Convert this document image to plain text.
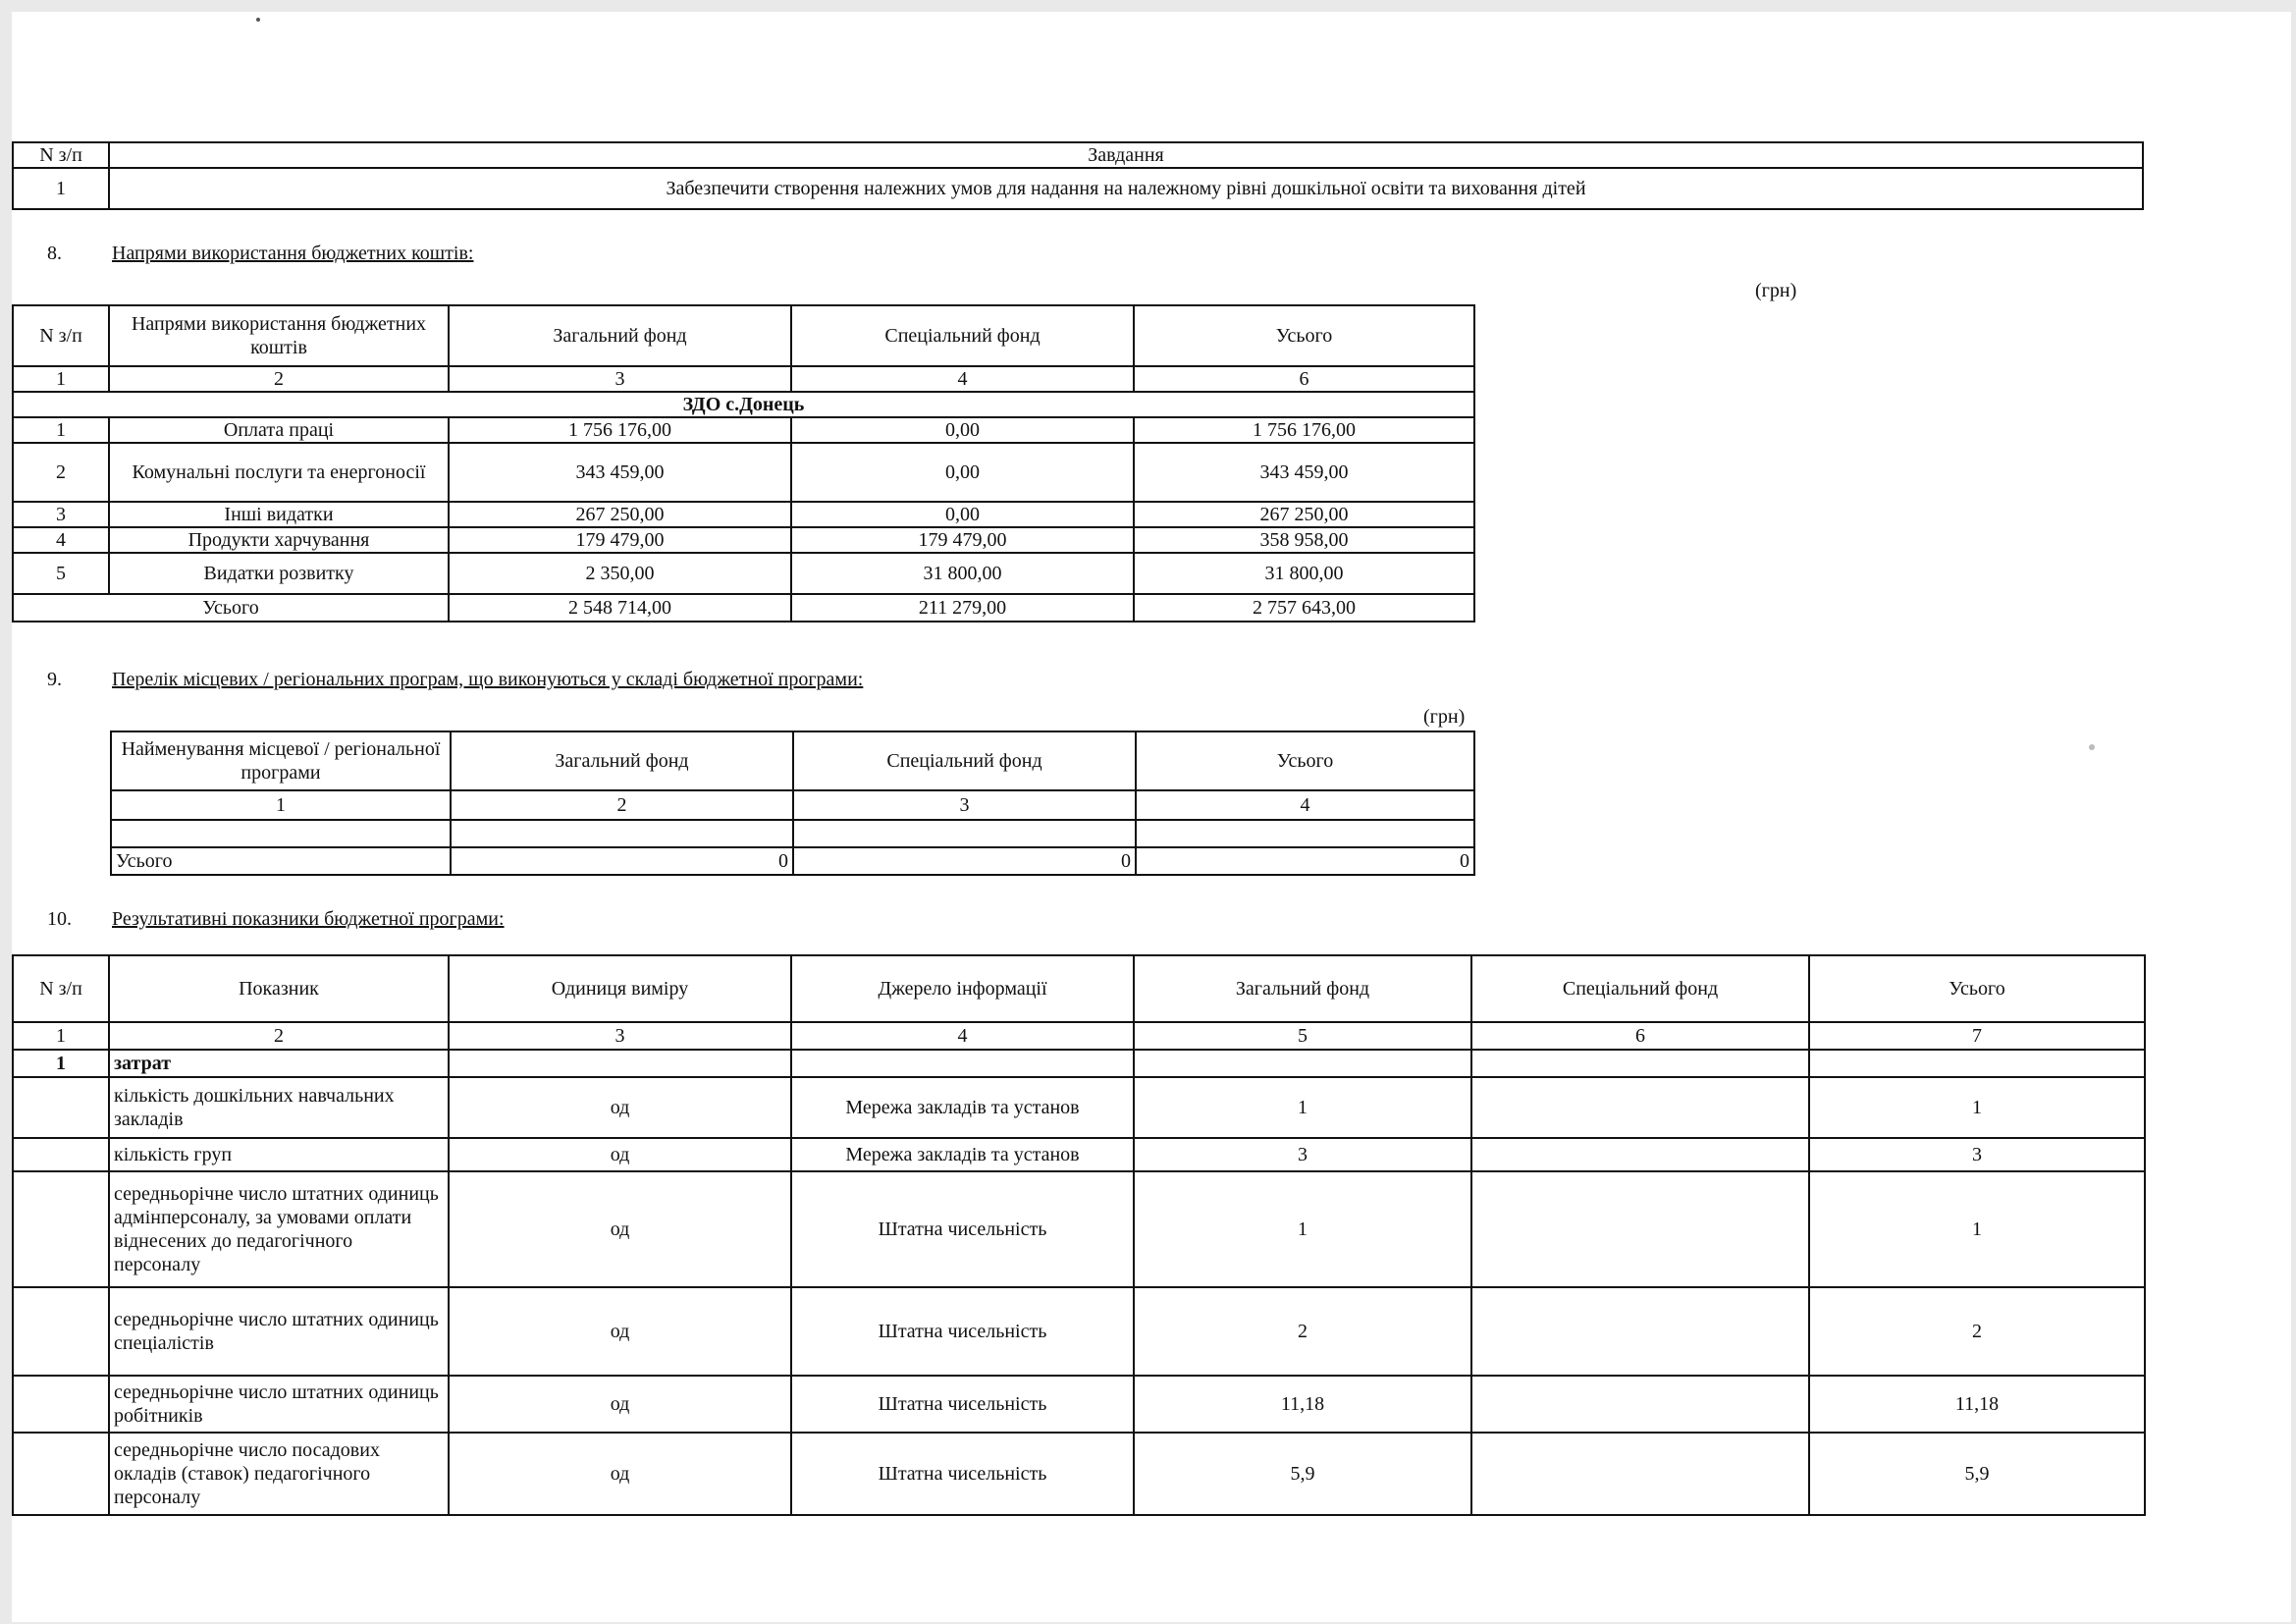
N з/п	Завдання
1	Забезпечити створення належних умов для надання на належному рівні дошкільної освіти та виховання дітей
8.	Напрями використання бюджетних коштів:
(грн)
N з/п	Напрями використання бюджетних коштів	Загальний фонд	Спеціальний фонд	Усього
1	2	3	4	6
ЗДО с.Донець				
1	Оплата праці	1 756 176,00	0,00	1 756 176,00
2	Комунальні послуги та енергоносії	343 459,00	0,00	343 459,00
3	Інші видатки	267 250,00	0,00	267 250,00
4	Продукти харчування	179 479,00	179 479,00	358 958,00
5	Видатки розвитку	2 350,00	31 800,00	31 800,00
Усього		2 548 714,00	211 279,00	2 757 643,00
9.	Перелік місцевих / регіональних програм, що виконуються у складі бюджетної програми:
(грн)
Найменування місцевої / регіональної програми	Загальний фонд	Спеціальний фонд	Усього
1	2	3	4

Усього	0	0	0
10. Результативні показники бюджетної програми:
N з/п	Показник	Одиниця виміру	Джерело інформації	Загальний фонд	Спеціальний фонд	Усього
1	2	3	4	5	6	7
1	затрат					
	кількість дошкільних навчальних закладів	од	Мережа закладів та установ	1		1
	кількість груп	од	Мережа закладів та установ	3		3
	середньорічне число штатних одиниць адмінперсоналу, за умовами оплати віднесених до педагогічного персоналу	од	Штатна чисельність	1		1
	середньорічне число штатних одиниць спеціалістів	од	Штатна чисельність	2		2
	середньорічне число штатних одиниць робітників	од	Штатна чисельність	11,18		11,18
	середньорічне число посадових окладів (ставок) педагогічного персоналу	од	Штатна чисельність	5,9		5,9
